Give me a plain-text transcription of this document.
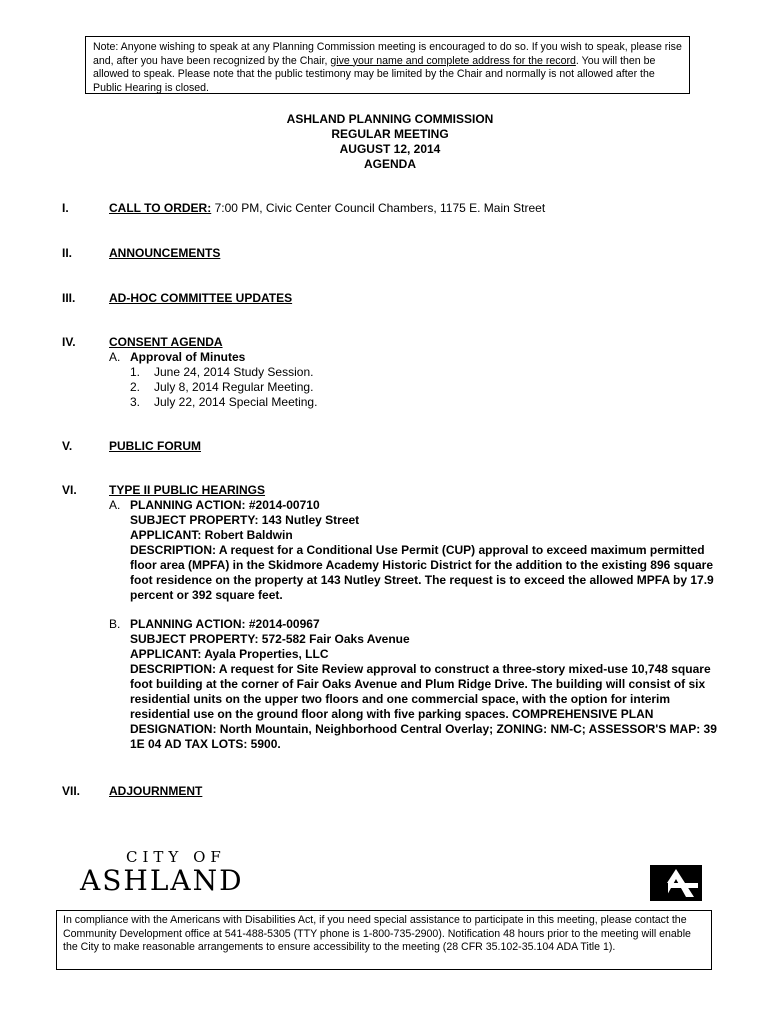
Note: Anyone wishing to speak at any Planning Commission meeting is encouraged to do so. If you wish to speak, please rise and, after you have been recognized by the Chair, give your name and complete address for the record. You will then be allowed to speak. Please note that the public testimony may be limited by the Chair and normally is not allowed after the Public Hearing is closed.
ASHLAND PLANNING COMMISSION
REGULAR MEETING
AUGUST 12, 2014
AGENDA
I.	CALL TO ORDER: 7:00 PM, Civic Center Council Chambers, 1175 E. Main Street
II.	ANNOUNCEMENTS
III.	AD-HOC COMMITTEE UPDATES
IV.	CONSENT AGENDA
A. Approval of Minutes
1. June 24, 2014 Study Session.
2. July 8, 2014 Regular Meeting.
3. July 22, 2014 Special Meeting.
V.	PUBLIC FORUM
VI.	TYPE II PUBLIC HEARINGS
A. PLANNING ACTION: #2014-00710
SUBJECT PROPERTY: 143 Nutley Street
APPLICANT: Robert Baldwin
DESCRIPTION: A request for a Conditional Use Permit (CUP) approval to exceed maximum permitted floor area (MPFA) in the Skidmore Academy Historic District for the addition to the existing 896 square foot residence on the property at 143 Nutley Street. The request is to exceed the allowed MPFA by 17.9 percent or 392 square feet.
B. PLANNING ACTION: #2014-00967
SUBJECT PROPERTY: 572-582 Fair Oaks Avenue
APPLICANT: Ayala Properties, LLC
DESCRIPTION: A request for Site Review approval to construct a three-story mixed-use 10,748 square foot building at the corner of Fair Oaks Avenue and Plum Ridge Drive. The building will consist of six residential units on the upper two floors and one commercial space, with the option for interim residential use on the ground floor along with five parking spaces. COMPREHENSIVE PLAN DESIGNATION: North Mountain, Neighborhood Central Overlay; ZONING: NM-C; ASSESSOR'S MAP: 39 1E 04 AD TAX LOTS: 5900.
VII. ADJOURNMENT
CITY OF
ASHLAND
In compliance with the Americans with Disabilities Act, if you need special assistance to participate in this meeting, please contact the Community Development office at 541-488-5305 (TTY phone is 1-800-735-2900). Notification 48 hours prior to the meeting will enable the City to make reasonable arrangements to ensure accessibility to the meeting (28 CFR 35.102-35.104 ADA Title 1).
